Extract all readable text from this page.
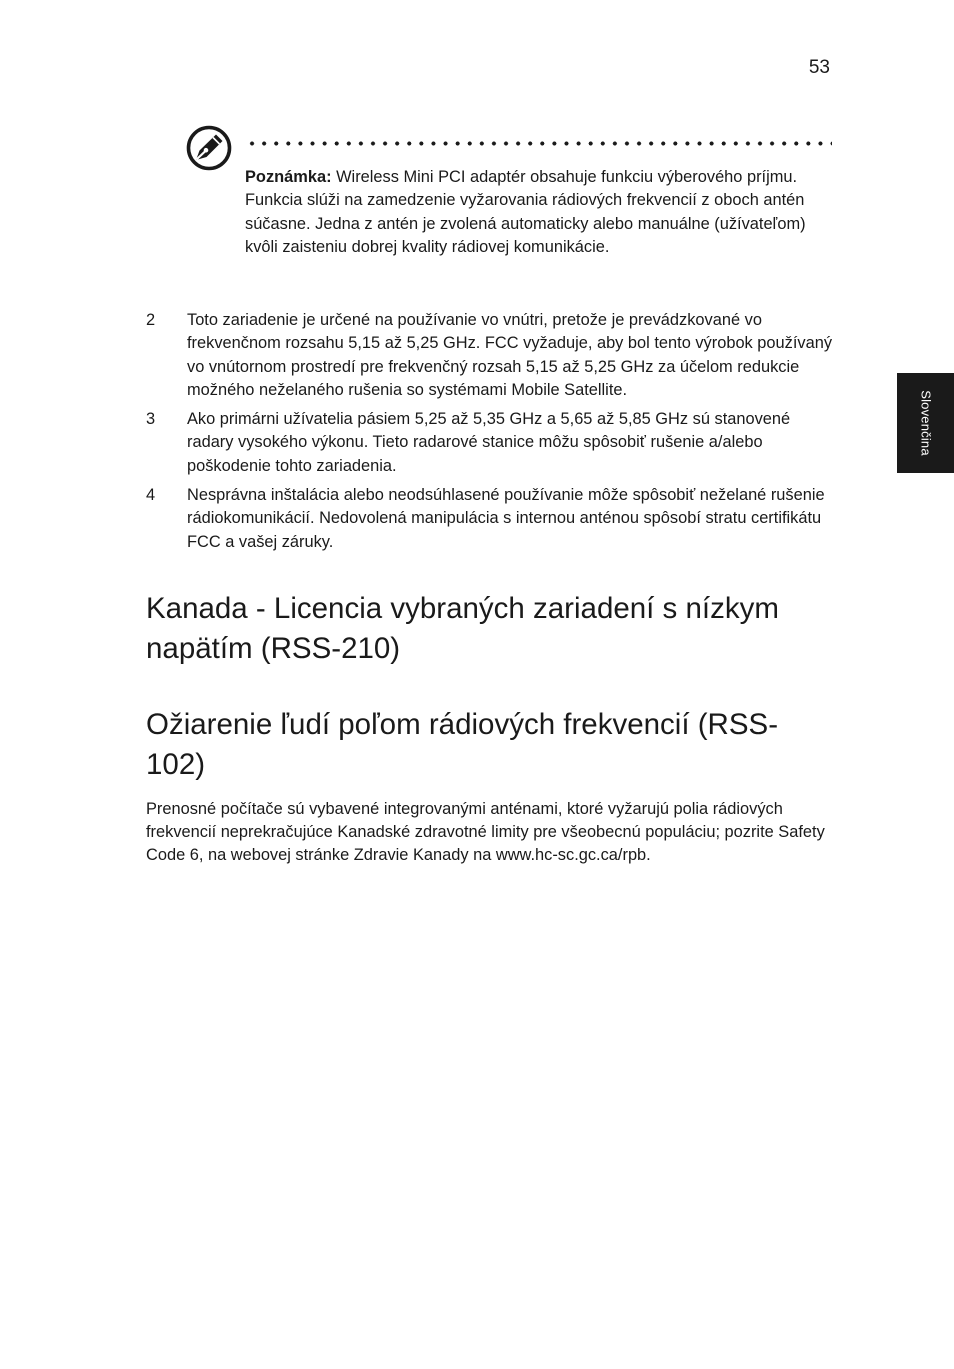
53
Slovenčina

Poznámka: Wireless Mini PCI adaptér obsahuje funkciu výberového príjmu. Funkcia slúži na zamedzenie vyžarovania rádiových frekvencií z oboch antén súčasne. Jedna z antén je zvolená automaticky alebo manuálne (užívateľom) kvôli zaisteniu dobrej kvality rádiovej komunikácie.

2	Toto zariadenie je určené na používanie vo vnútri, pretože je prevádzkované vo frekvenčnom rozsahu 5,15 až 5,25 GHz. FCC vyžaduje, aby bol tento výrobok používaný vo vnútornom prostredí pre frekvenčný rozsah 5,15 až 5,25 GHz za účelom redukcie možného neželaného rušenia so systémami Mobile Satellite.
3	Ako primárni užívatelia pásiem 5,25 až 5,35 GHz a 5,65 až 5,85 GHz sú stanovené radary vysokého výkonu. Tieto radarové stanice môžu spôsobiť rušenie a/alebo poškodenie tohto zariadenia.
4	Nesprávna inštalácia alebo neodsúhlasené používanie môže spôsobiť neželané rušenie rádiokomunikácií. Nedovolená manipulácia s internou anténou spôsobí stratu certifikátu FCC a vašej záruky.
Kanada - Licencia vybraných zariadení s nízkym napätím (RSS-210)
Ožiarenie ľudí poľom rádiových frekvencií (RSS-102)

Prenosné počítače sú vybavené integrovanými anténami, ktoré vyžarujú polia rádiových frekvencií neprekračujúce Kanadské zdravotné limity pre všeobecnú populáciu; pozrite Safety Code 6, na webovej stránke Zdravie Kanady na www.hc-sc.gc.ca/rpb.
